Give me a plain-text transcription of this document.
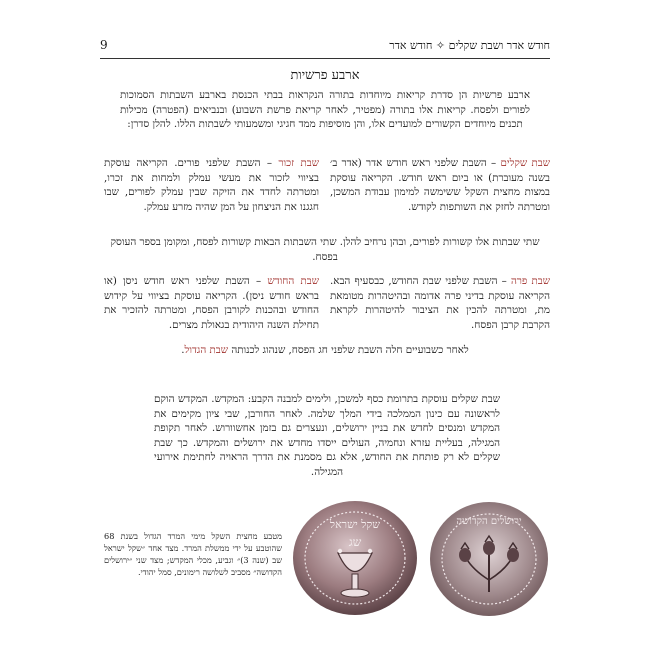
9	חודש אדר ושבת שקלים ✧ חודש אדר
ארבע פרשיות
ארבע פרשיות הן סדרת קריאות מיוחדות בתורה הנקראות בבתי הכנסת בארבע השבתות הסמוכות לפורים ולפסח. קריאות אלו בתורה (מפטיר, לאחר קריאת פרשת השבוע) ובנביאים (הפטרה) מכילות תכנים מיוחדים הקשורים למועדים אלו, והן מוסיפות ממד חגיגי ומשמעותי לשבתות הללו. להלן סדרן:
שבת שקלים – השבת שלפני ראש חודש אדר (אדר ב׳ בשנה מעוברת) או ביום ראש חודש. הקריאה עוסקת במצות מחצית השקל ששימשה למימון עבודת המשכן, ומטרתה לחזק את השותפות לקודש.
שבת זכור – השבת שלפני פורים. הקריאה עוסקת בציווי לזכור את מעשי עמלק ולמחות את זכרו, ומטרתה לחדד את הזיקה שבין עמלק לפורים, שבו חגגנו את הניצחון על המן שהיה מזרע עמלק.
שתי שבתות אלו קשורות לפורים, ובהן נרחיב להלן. שתי השבתות הבאות קשורות לפסח, ומקומן בספר העוסק בפסח.
שבת פרה – השבת שלפני שבת החודש, כבסעיף הבא. הקריאה עוסקת בדיני פרה אדומה ובהיטהרות מטומאת מת, ומטרתה להכין את הציבור להיטהרות לקראת הקרבת קרבן הפסח.
שבת החודש – השבת שלפני ראש חודש ניסן (או בראש חודש ניסן). הקריאה עוסקת בציווי על קידוש החודש ובהכנות לקורבן הפסח, ומטרתה להזכיר את תחילת השנה היהודית בגאולת מצרים.
לאחר כשבועיים חלה השבת שלפני חג הפסח, שנהוג לכנותה שבת הגדול.
שבת שקלים עוסקת בתרומת כסף למשכן, ולימים למבנה הקבע: המקדש. המקדש הוקם לראשונה עם כינון הממלכה בידי המלך שלמה. לאחר החורבן, שבי ציון מקימים את המקדש ומנסים לחדש את בניין ירושלים, ונעצרים גם בזמן אחשוורוש. לאחר תקופת המגילה, בעליית עזרא ונחמיה, העולים ייסדו מחדש את ירושלים והמקדש. כך שבת שקלים לא רק פותחת את החודש, אלא גם מסמנת את הדרך הראויה לחתימת אירועי המגילה.
שקל ישראל
שג
ירושלים הקדושה
מטבע מחצית השקל מימי המרד הגדול בשנת 68 שהוטבע על ידי ממשלת המרד. מצד אחד ״שקל ישראל שב (שנה 3)״ וגביע, מכלי המקדש; מצד שני ״ירושלים הקדושה״ מסביב לשלושה רימונים, סמל יהודי.
